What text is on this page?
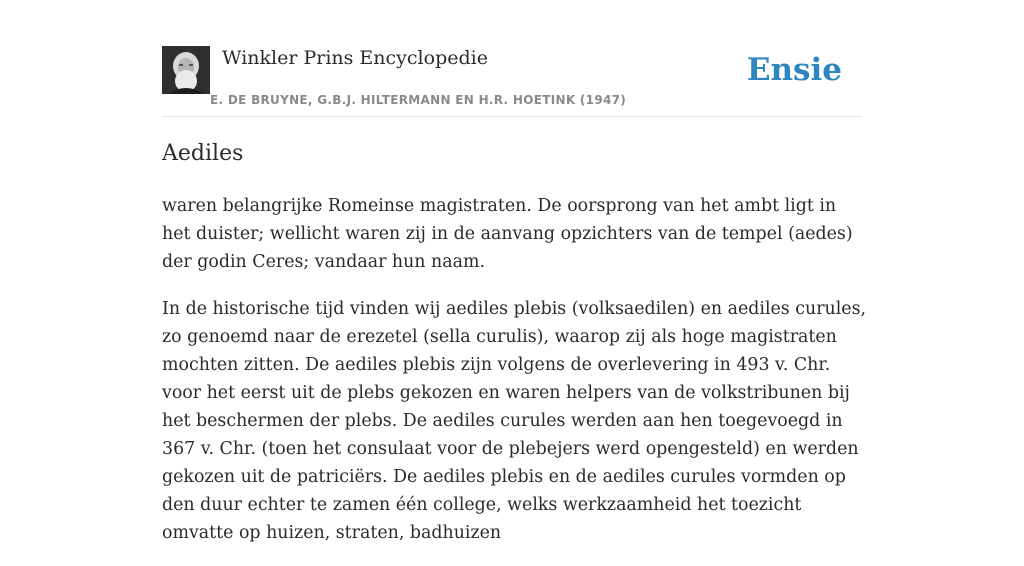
Winkler Prins Encyclopedie
E. DE BRUYNE, G.B.J. HILTERMANN EN H.R. HOETINK (1947)
Ensie
Aediles

waren belangrijke Romeinse magistraten. De oorsprong van het ambt ligt in het duister; wellicht waren zij in de aanvang opzichters van de tempel (aedes) der godin Ceres; vandaar hun naam.

In de historische tijd vinden wij aediles plebis (volksaedilen) en aediles curules, zo genoemd naar de erezetel (sella curulis), waarop zij als hoge magistraten mochten zitten. De aediles plebis zijn volgens de overlevering in 493 v. Chr. voor het eerst uit de plebs gekozen en waren helpers van de volkstribunen bij het beschermen der plebs. De aediles curules werden aan hen toegevoegd in 367 v. Chr. (toen het consulaat voor de plebejers werd opengesteld) en werden gekozen uit de patriciërs. De aediles plebis en de aediles curules vormden op den duur echter te zamen één college, welks werkzaamheid het toezicht omvatte op huizen, straten, badhuizen
